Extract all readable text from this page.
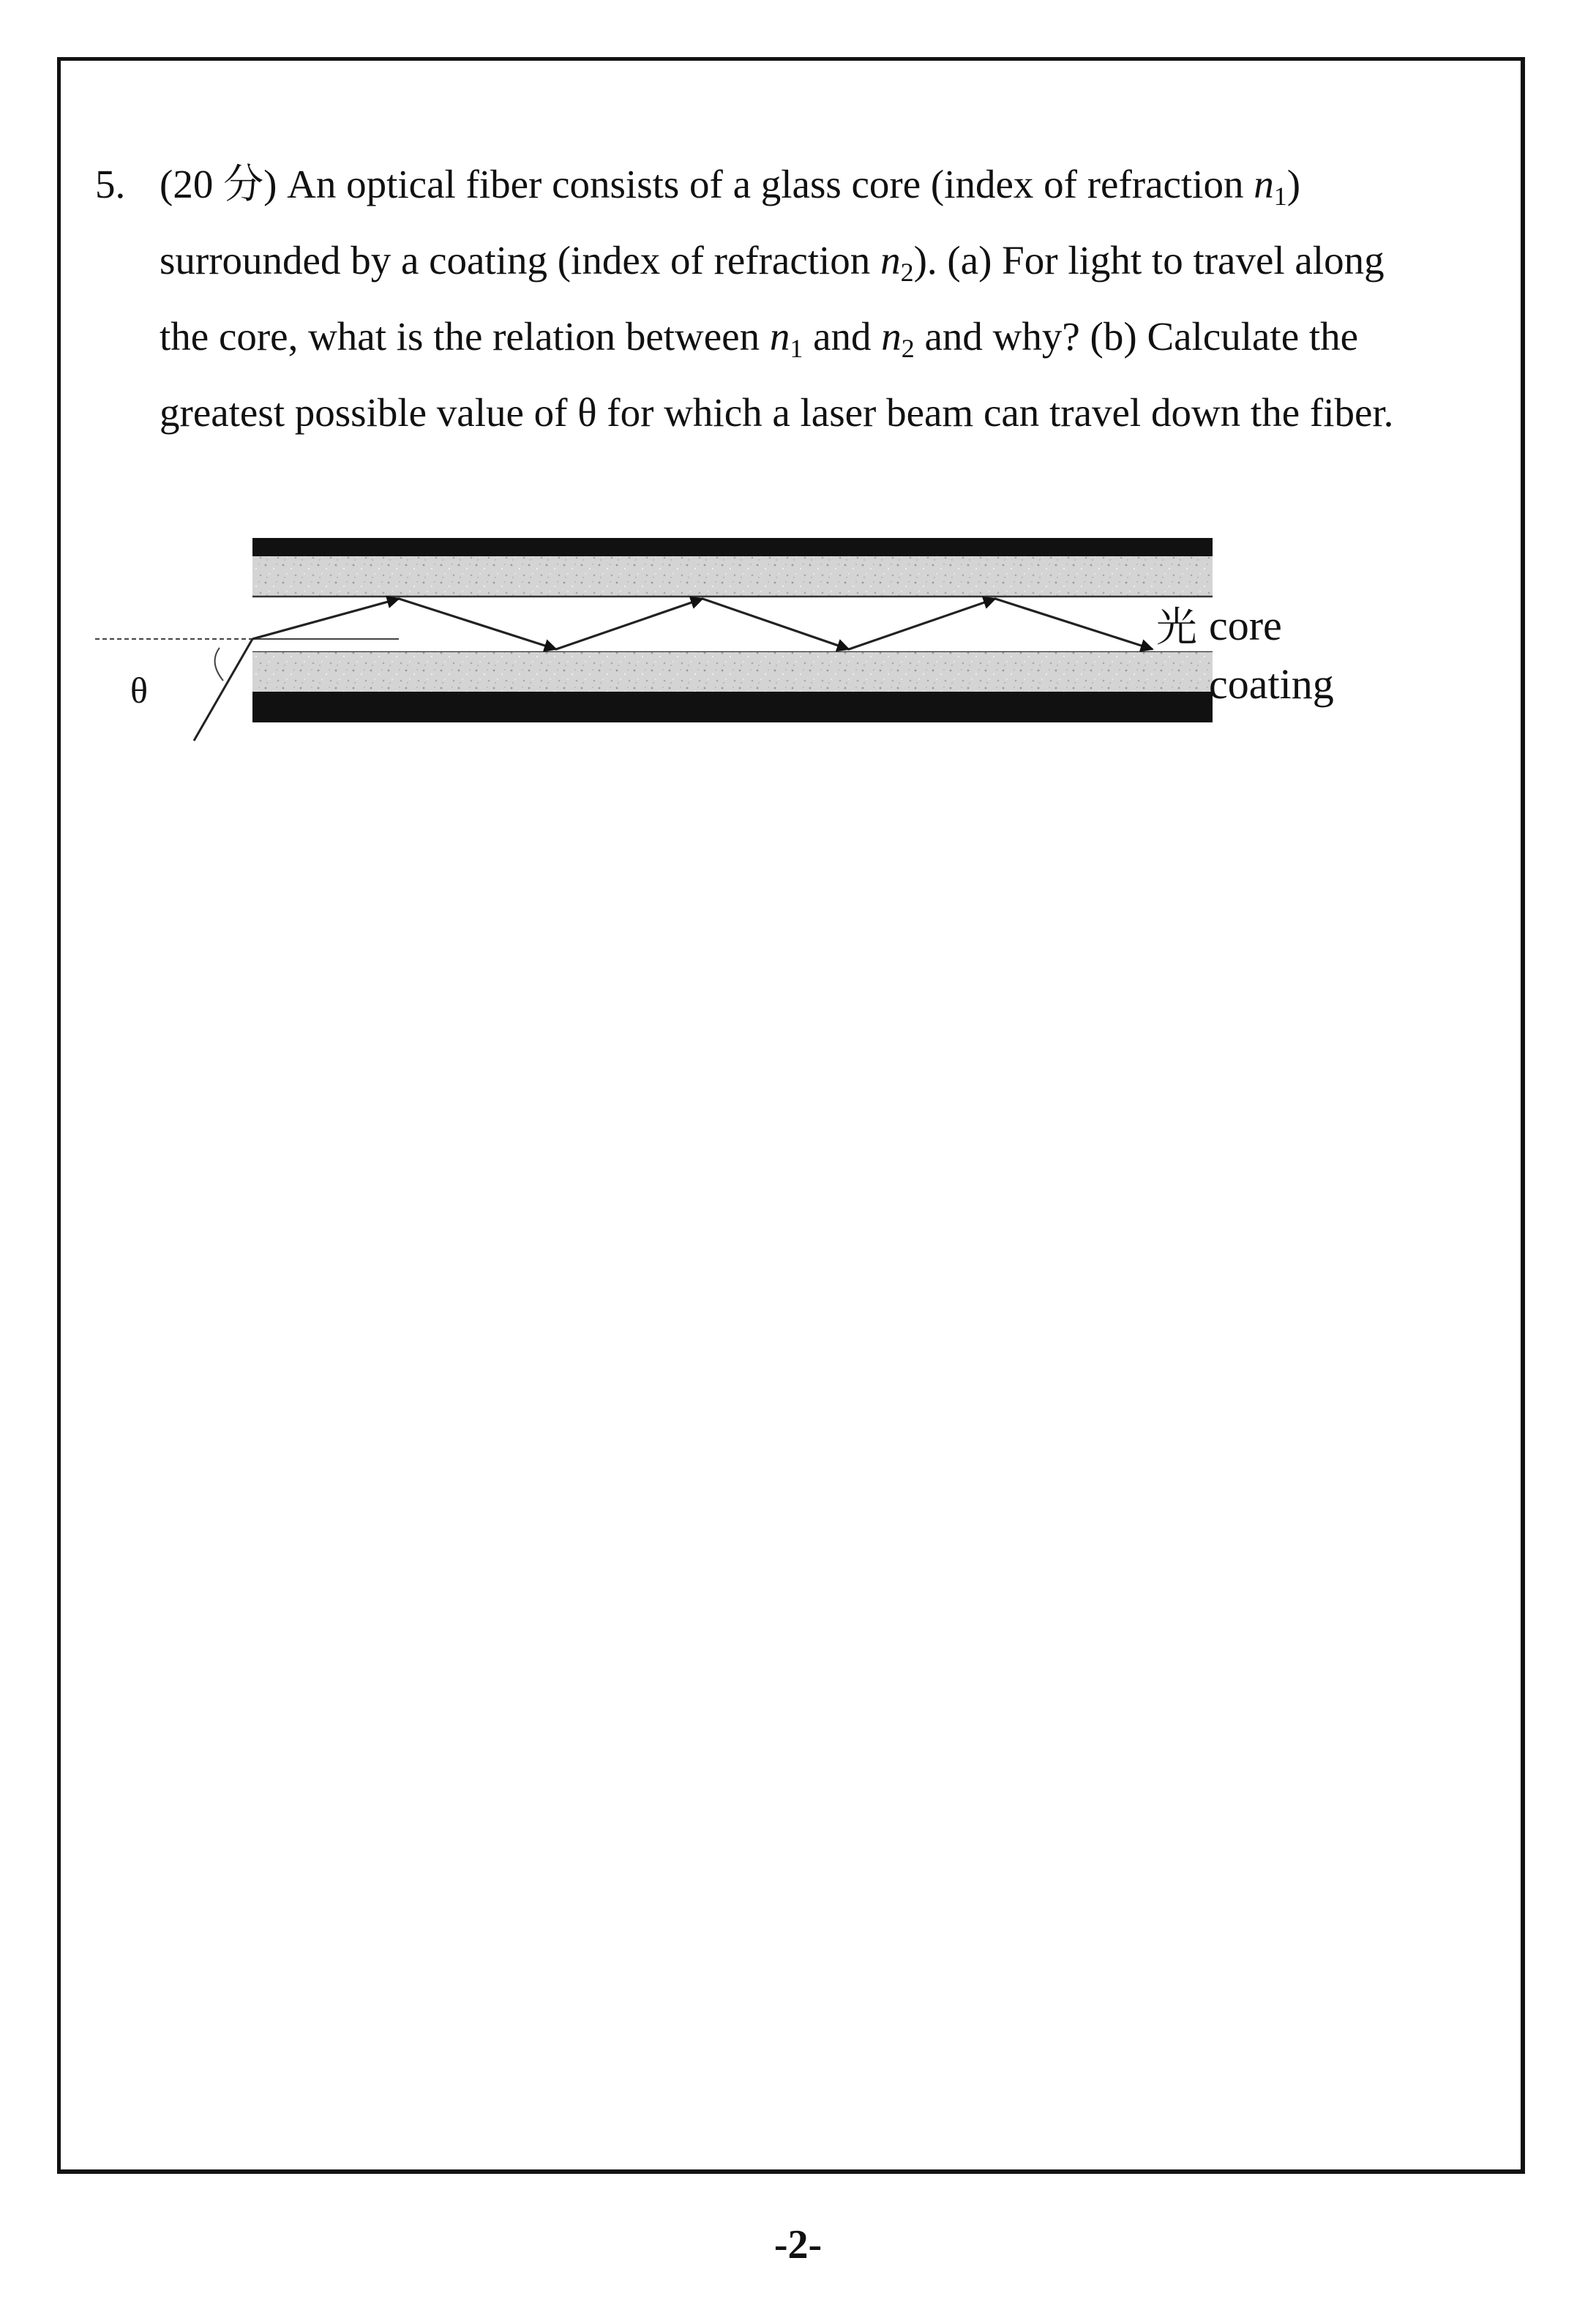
5. (20 分) An optical fiber consists of a glass core (index of refraction $n_1$)
surrounded by a coating (index of refraction $n_2$). (a) For light to travel along
the core, what is the relation between $n_1$ and $n_2$ and why? (b) Calculate the
greatest possible value of θ for which a laser beam can travel down the fiber.
θ
光 core
coating
-2-
